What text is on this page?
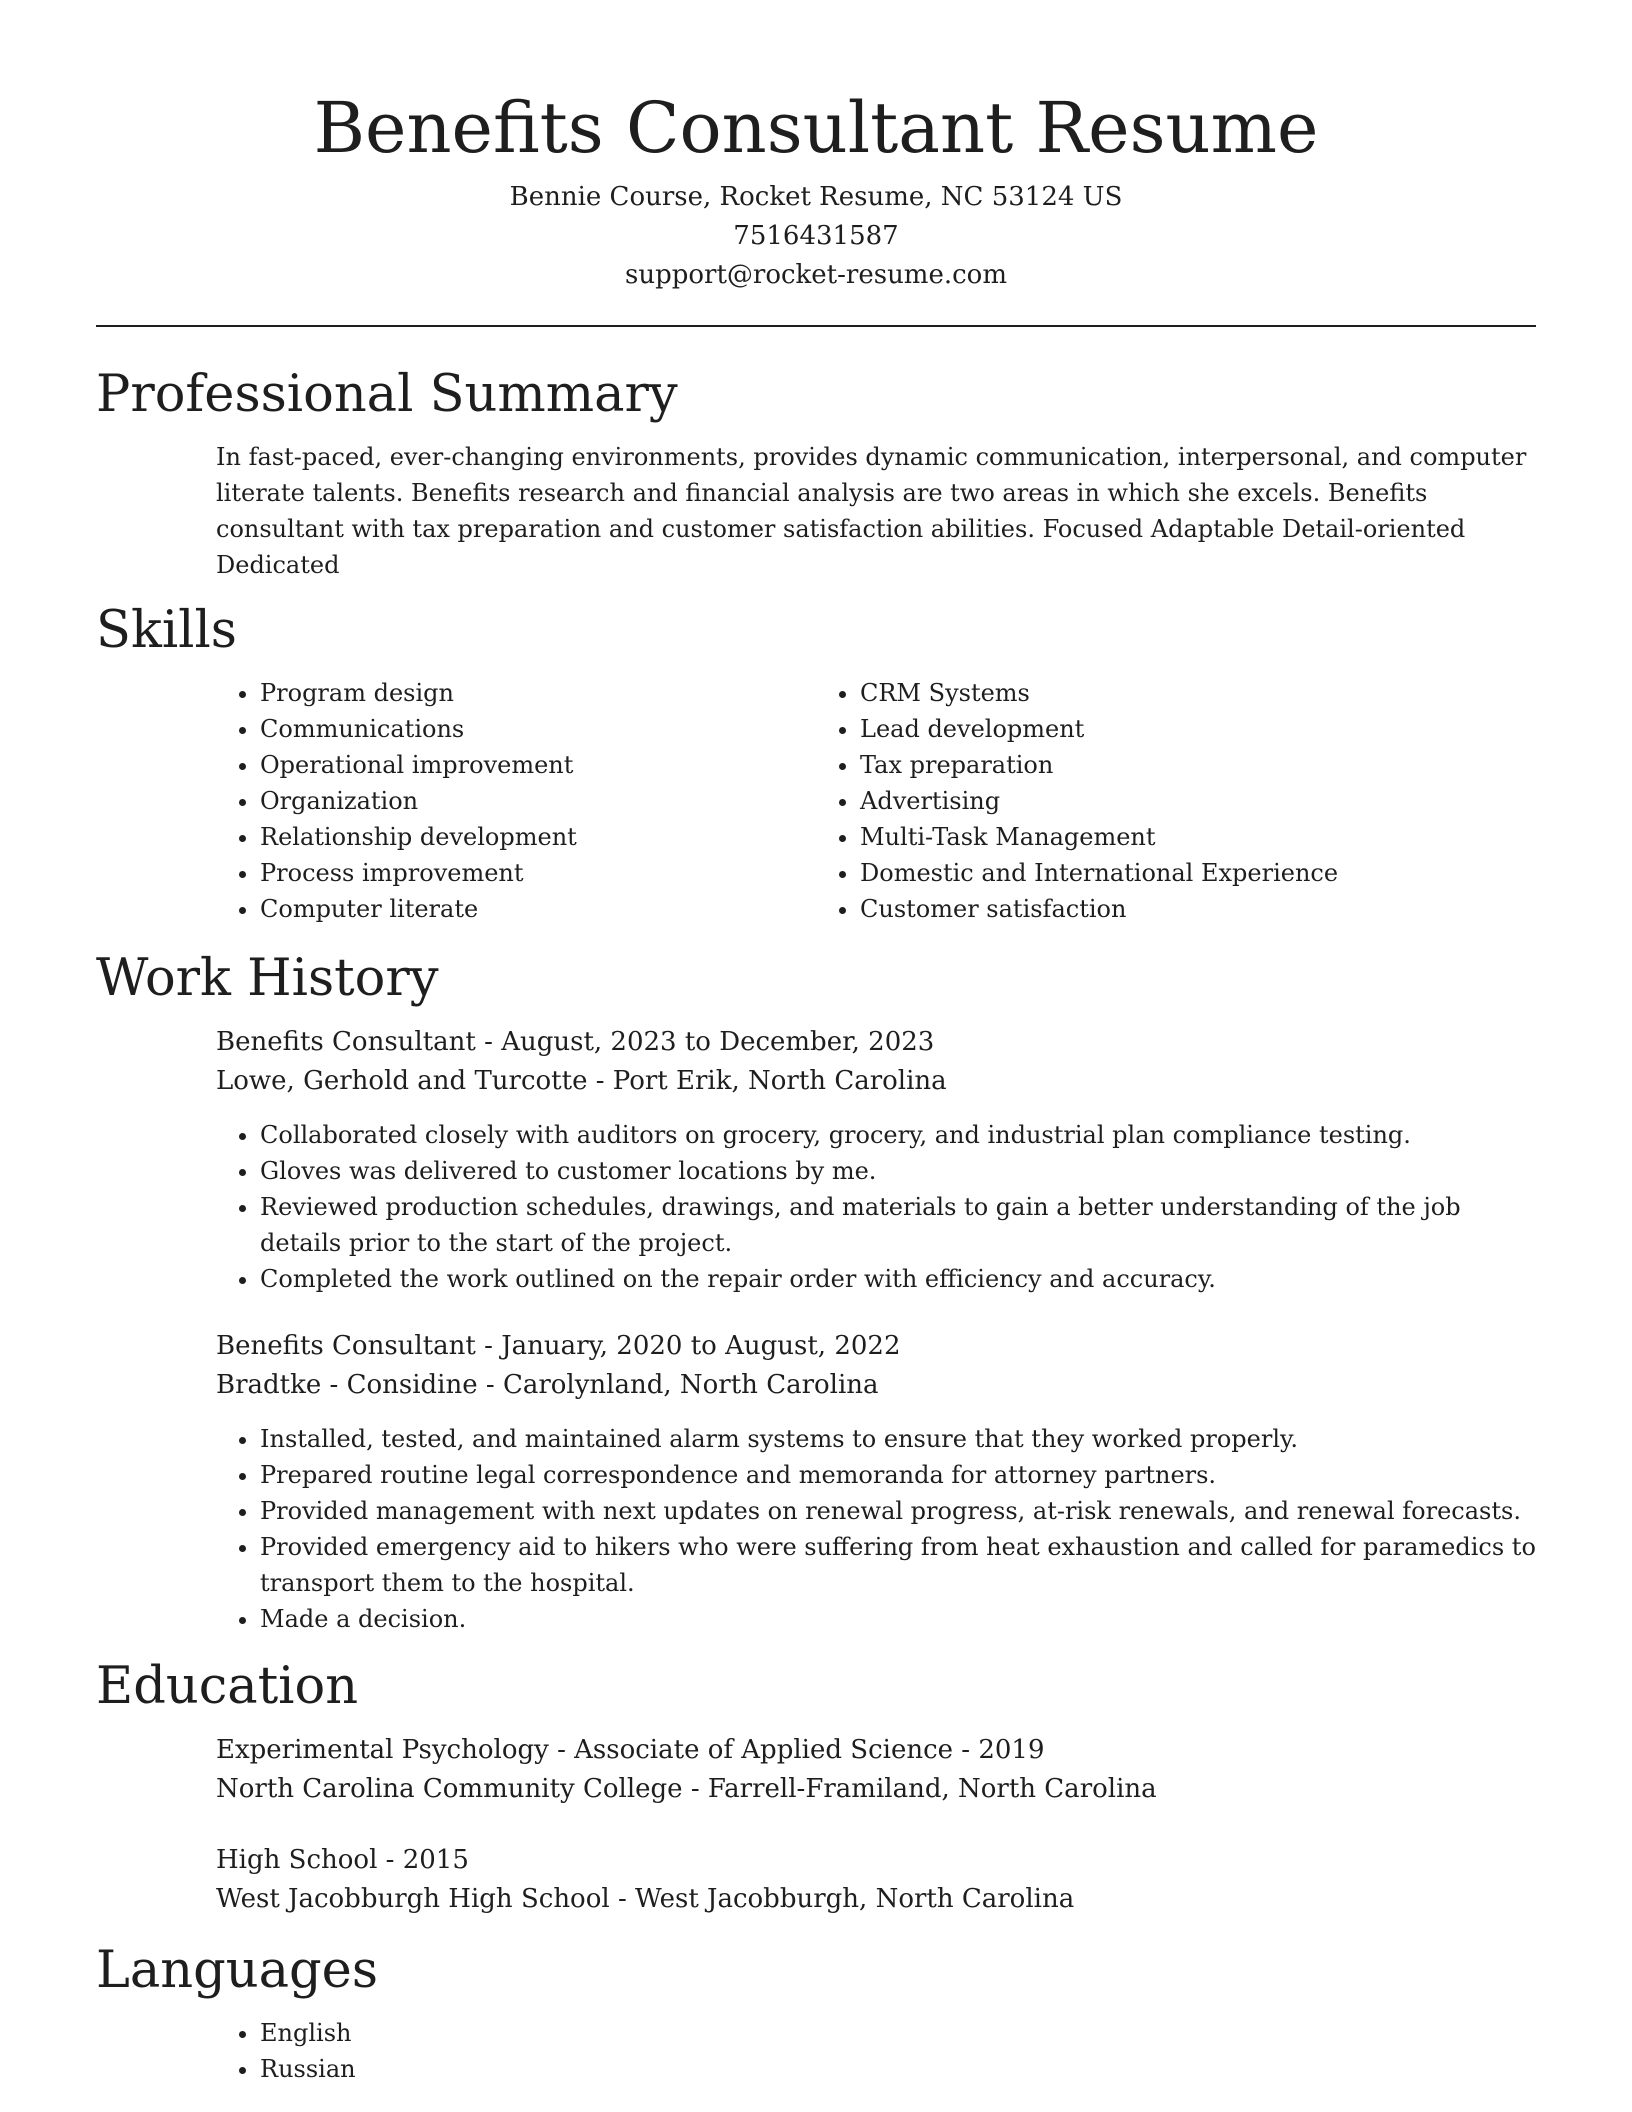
Benefits Consultant Resume
Bennie Course, Rocket Resume, NC 53124 US
7516431587
support@rocket-resume.com
Professional Summary

In fast-paced, ever-changing environments, provides dynamic communication, interpersonal, and computer literate talents. Benefits research and financial analysis are two areas in which she excels. Benefits consultant with tax preparation and customer satisfaction abilities. Focused Adaptable Detail-oriented Dedicated

Skills
• Program design
• Communications
• Operational improvement
• Organization
• Relationship development
• Process improvement
• Computer literate
• CRM Systems
• Lead development
• Tax preparation
• Advertising
• Multi-Task Management
• Domestic and International Experience
• Customer satisfaction
Work History
Benefits Consultant - August, 2023 to December, 2023
Lowe, Gerhold and Turcotte - Port Erik, North Carolina
• Collaborated closely with auditors on grocery, grocery, and industrial plan compliance testing.
• Gloves was delivered to customer locations by me.
• Reviewed production schedules, drawings, and materials to gain a better understanding of the job details prior to the start of the project.
• Completed the work outlined on the repair order with efficiency and accuracy.
Benefits Consultant - January, 2020 to August, 2022
Bradtke - Considine - Carolynland, North Carolina
• Installed, tested, and maintained alarm systems to ensure that they worked properly.
• Prepared routine legal correspondence and memoranda for attorney partners.
• Provided management with next updates on renewal progress, at-risk renewals, and renewal forecasts.
• Provided emergency aid to hikers who were suffering from heat exhaustion and called for paramedics to transport them to the hospital.
• Made a decision.
Education
Experimental Psychology - Associate of Applied Science - 2019
North Carolina Community College - Farrell-Framiland, North Carolina
High School - 2015
West Jacobburgh High School - West Jacobburgh, North Carolina
Languages
• English
• Russian
